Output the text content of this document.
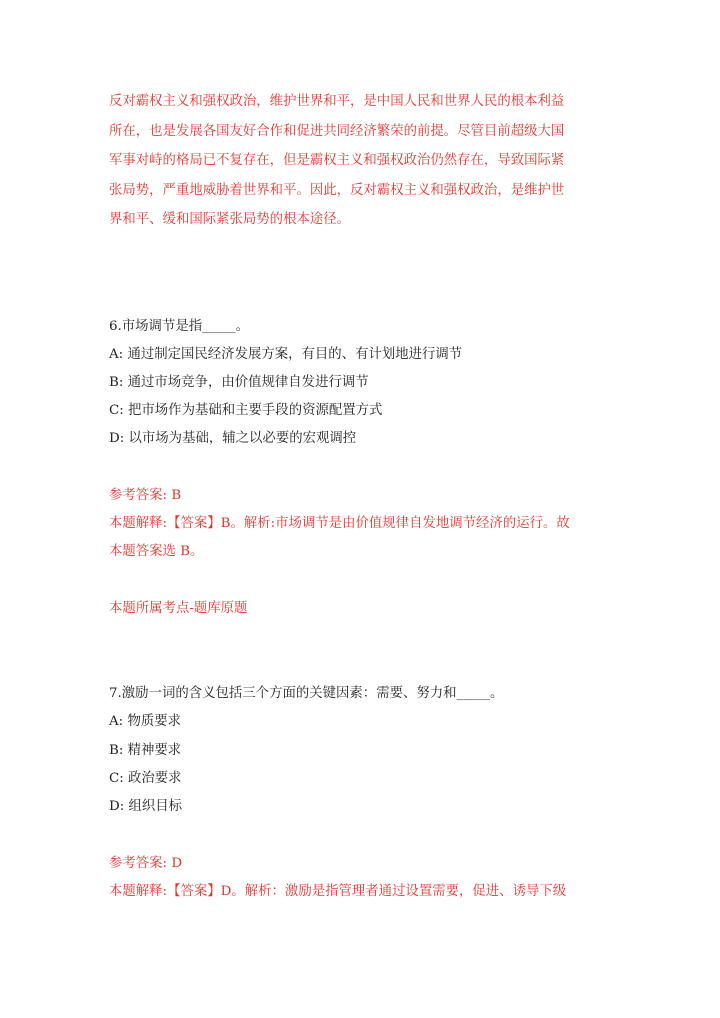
反对霸权主义和强权政治，维护世界和平，是中国人民和世界人民的根本利益
所在，也是发展各国友好合作和促进共同经济繁荣的前提。尽管目前超级大国
军事对峙的格局已不复存在，但是霸权主义和强权政治仍然存在，导致国际紧
张局势，严重地威胁着世界和平。因此，反对霸权主义和强权政治，是维护世
界和平、缓和国际紧张局势的根本途径。
6.市场调节是指_____。
A: 通过制定国民经济发展方案，有目的、有计划地进行调节
B: 通过市场竞争，由价值规律自发进行调节
C: 把市场作为基础和主要手段的资源配置方式
D: 以市场为基础，辅之以必要的宏观调控
参考答案: B
本题解释:【答案】B。解析:市场调节是由价值规律自发地调节经济的运行。故
本题答案选 B。
本题所属考点-题库原题
7.激励一词的含义包括三个方面的关键因素：需要、努力和_____。
A: 物质要求
B: 精神要求
C: 政治要求
D: 组织目标
参考答案: D
本题解释:【答案】D。解析：激励是指管理者通过设置需要，促进、诱导下级
